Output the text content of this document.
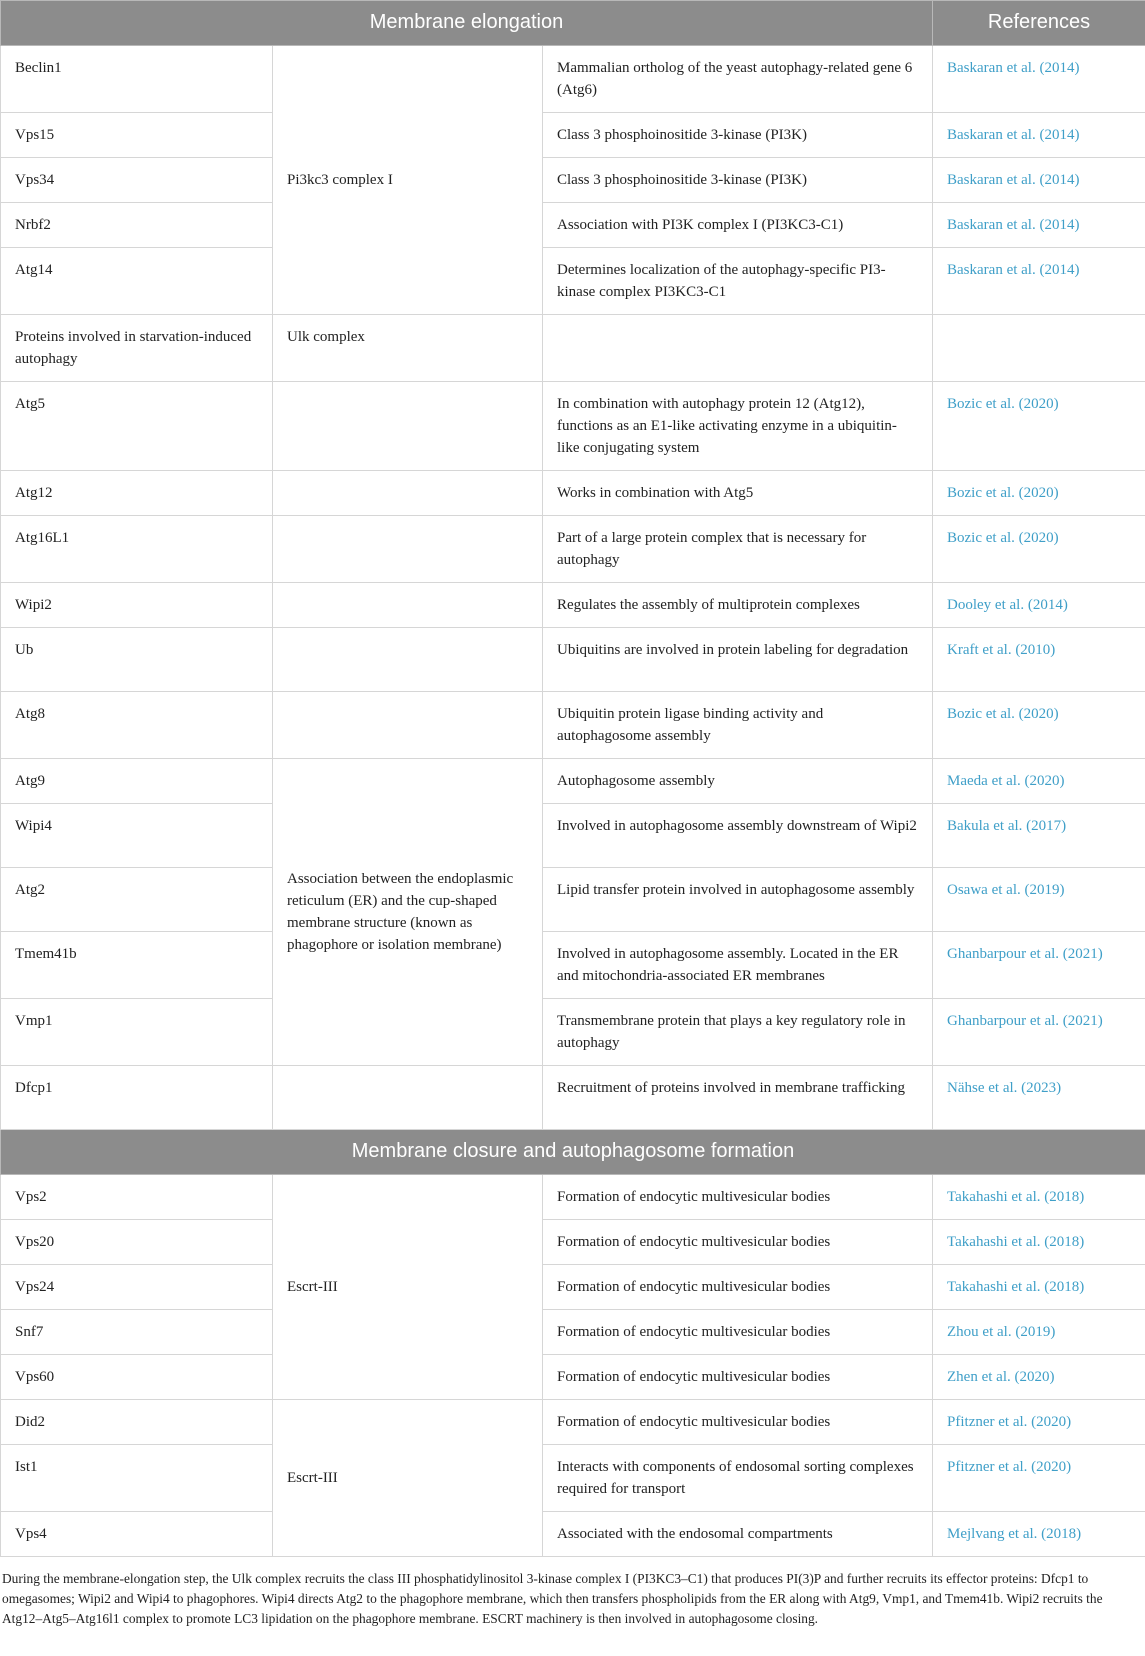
Membrane elongation			References
Beclin1	Pi3kc3 complex I	Mammalian ortholog of the yeast autophagy-related gene 6 (Atg6)	Baskaran et al. (2014)
Vps15		Class 3 phosphoinositide 3-kinase (PI3K)	Baskaran et al. (2014)
Vps34		Class 3 phosphoinositide 3-kinase (PI3K)	Baskaran et al. (2014)
Nrbf2		Association with PI3K complex I (PI3KC3-C1)	Baskaran et al. (2014)
Atg14		Determines localization of the autophagy-specific PI3-kinase complex PI3KC3-C1	Baskaran et al. (2014)
Proteins involved in starvation-induced autophagy	Ulk complex		
Atg5		In combination with autophagy protein 12 (Atg12), functions as an E1-like activating enzyme in a ubiquitin-like conjugating system	Bozic et al. (2020)
Atg12		Works in combination with Atg5	Bozic et al. (2020)
Atg16L1		Part of a large protein complex that is necessary for autophagy	Bozic et al. (2020)
Wipi2		Regulates the assembly of multiprotein complexes	Dooley et al. (2014)
Ub		Ubiquitins are involved in protein labeling for degradation	Kraft et al. (2010)
Atg8		Ubiquitin protein ligase binding activity and autophagosome assembly	Bozic et al. (2020)
Atg9	Association between the endoplasmic reticulum (ER) and the cup-shaped membrane structure (known as phagophore or isolation membrane)	Autophagosome assembly	Maeda et al. (2020)
Wipi4		Involved in autophagosome assembly downstream of Wipi2	Bakula et al. (2017)
Atg2		Lipid transfer protein involved in autophagosome assembly	Osawa et al. (2019)
Tmem41b		Involved in autophagosome assembly. Located in the ER and mitochondria-associated ER membranes	Ghanbarpour et al. (2021)
Vmp1		Transmembrane protein that plays a key regulatory role in autophagy	Ghanbarpour et al. (2021)
Dfcp1		Recruitment of proteins involved in membrane trafficking	Nähse et al. (2023)
Membrane closure and autophagosome formation			
Vps2	Escrt-III	Formation of endocytic multivesicular bodies	Takahashi et al. (2018)
Vps20		Formation of endocytic multivesicular bodies	Takahashi et al. (2018)
Vps24		Formation of endocytic multivesicular bodies	Takahashi et al. (2018)
Snf7		Formation of endocytic multivesicular bodies	Zhou et al. (2019)
Vps60		Formation of endocytic multivesicular bodies	Zhen et al. (2020)
Did2	Escrt-III	Formation of endocytic multivesicular bodies	Pfitzner et al. (2020)
Ist1		Interacts with components of endosomal sorting complexes required for transport	Pfitzner et al. (2020)
Vps4		Associated with the endosomal compartments	Mejlvang et al. (2018)
During the membrane-elongation step, the Ulk complex recruits the class III phosphatidylinositol 3-kinase complex I (PI3KC3–C1) that produces PI(3)P and further recruits its effector proteins: Dfcp1 to omegasomes; Wipi2 and Wipi4 to phagophores. Wipi4 directs Atg2 to the phagophore membrane, which then transfers phospholipids from the ER along with Atg9, Vmp1, and Tmem41b. Wipi2 recruits the Atg12–Atg5–Atg16l1 complex to promote LC3 lipidation on the phagophore membrane. ESCRT machinery is then involved in autophagosome closing.
